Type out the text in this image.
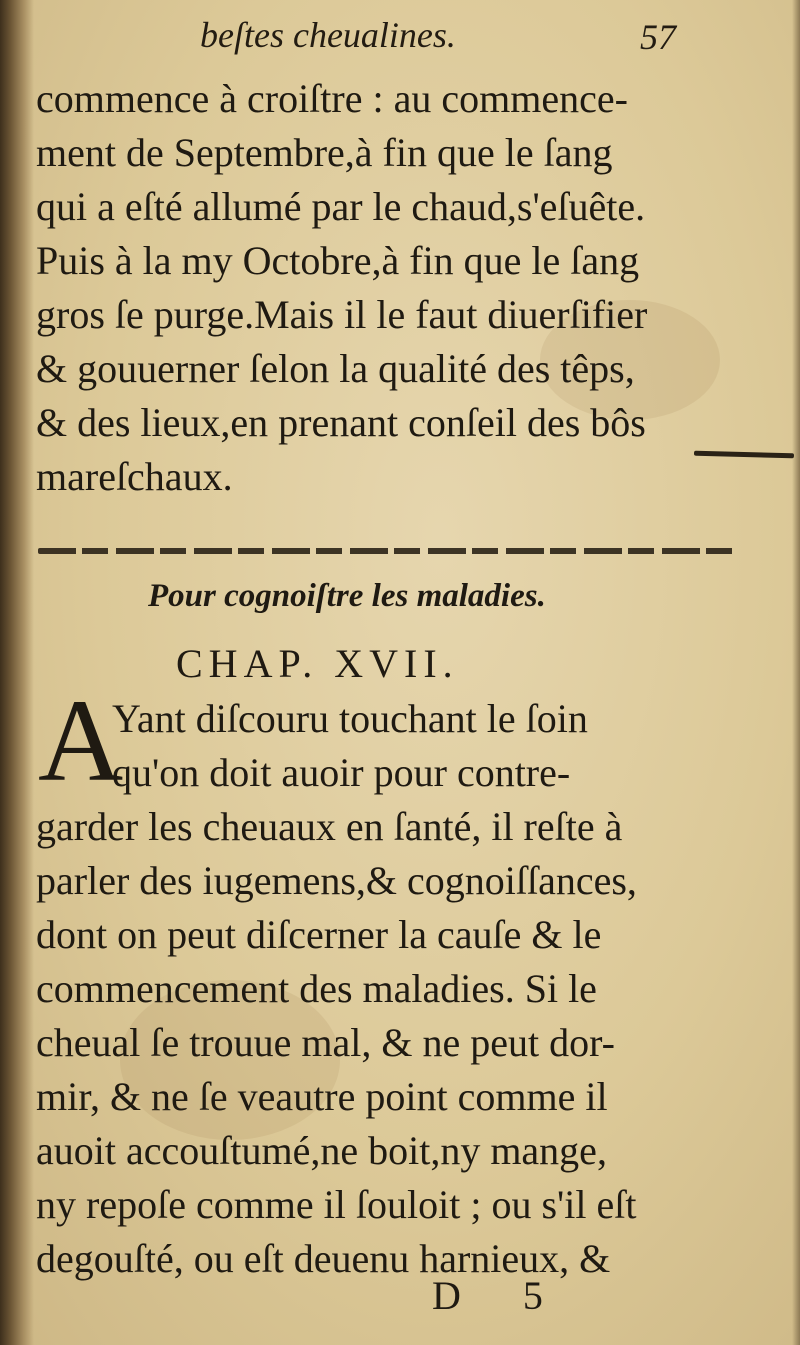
beſtes cheualines.	57
commence à croiſtre : au commence-
ment de Septembre,à fin que le ſang
qui a eſté allumé par le chaud,s'eſuête.
Puis à la my Octobre,à fin que le ſang
gros ſe purge.Mais il le faut diuerſifier
& gouuerner ſelon la qualité des têps,
& des lieux,en prenant conſeil des bôs
mareſchaux.
Pour cognoiſtre les maladies.
CHAP. XVII.
A
Yant diſcouru touchant le ſoin
qu'on doit auoir pour contre-
garder les cheuaux en ſanté, il reſte à
parler des iugemens,& cognoiſſances,
dont on peut diſcerner la cauſe & le
commencement des maladies. Si le
cheual ſe trouue mal, & ne peut dor-
mir, & ne ſe veautre point comme il
auoit accouſtumé,ne boit,ny mange,
ny repoſe comme il ſouloit ; ou s'il eſt
degouſté, ou eſt deuenu harnieux, &
D 5
